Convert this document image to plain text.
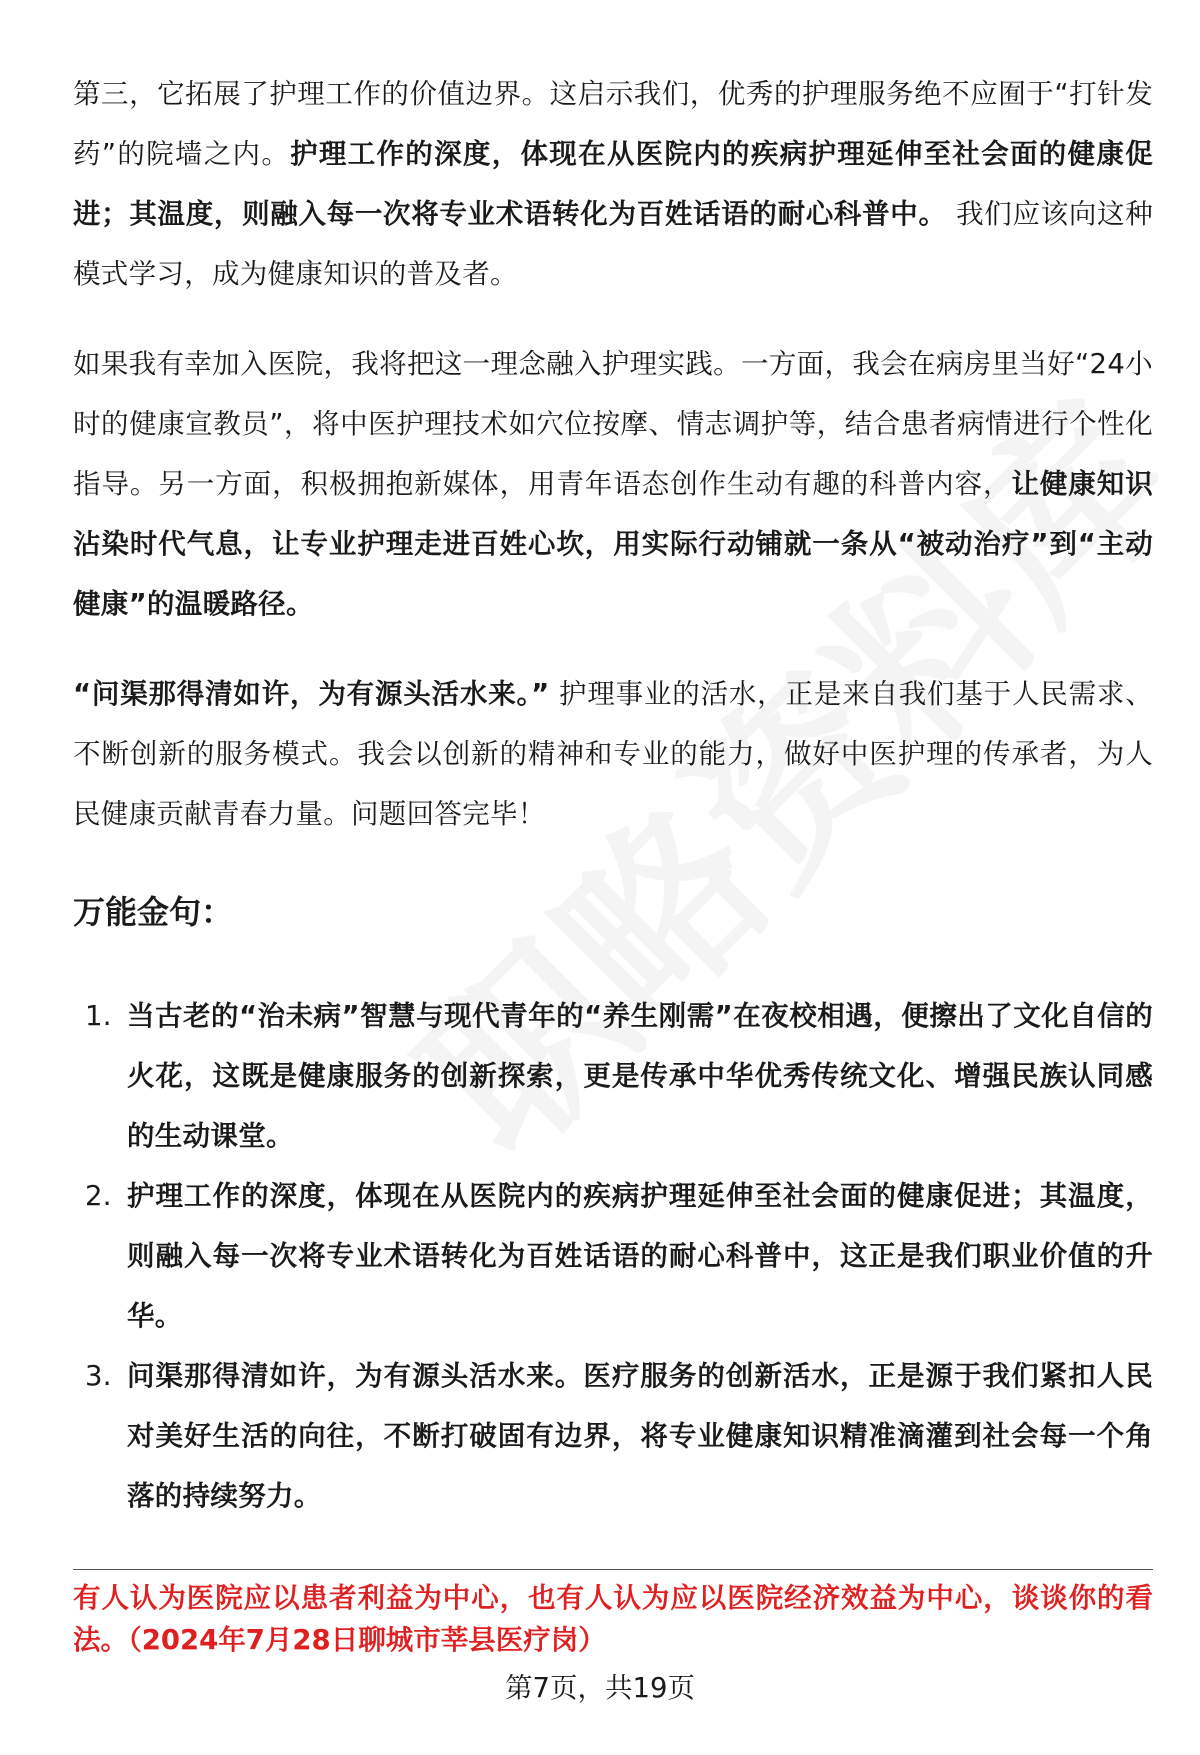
第三，它拓展了护理工作的价值边界。这启示我们，优秀的护理服务绝不应囿于“打针发药”的院墙之内。护理工作的深度，体现在从医院内的疾病护理延伸至社会面的健康促进；其温度，则融入每一次将专业术语转化为百姓话语的耐心科普中。 我们应该向这种模式学习，成为健康知识的普及者。

如果我有幸加入医院，我将把这一理念融入护理实践。一方面，我会在病房里当好“24小时的健康宣教员”，将中医护理技术如穴位按摩、情志调护等，结合患者病情进行个性化指导。另一方面，积极拥抱新媒体，用青年语态创作生动有趣的科普内容，让健康知识沾染时代气息，让专业护理走进百姓心坎，用实际行动铺就一条从“被动治疗”到“主动健康”的温暖路径。

“问渠那得清如许，为有源头活水来。” 护理事业的活水，正是来自我们基于人民需求、不断创新的服务模式。我会以创新的精神和专业的能力，做好中医护理的传承者，为人民健康贡献青春力量。问题回答完毕！

万能金句：
1. 当古老的“治未病”智慧与现代青年的“养生刚需”在夜校相遇，便擦出了文化自信的火花，这既是健康服务的创新探索，更是传承中华优秀传统文化、增强民族认同感的生动课堂。
2. 护理工作的深度，体现在从医院内的疾病护理延伸至社会面的健康促进；其温度，则融入每一次将专业术语转化为百姓话语的耐心科普中，这正是我们职业价值的升华。
3. 问渠那得清如许，为有源头活水来。医疗服务的创新活水，正是源于我们紧扣人民对美好生活的向往，不断打破固有边界，将专业健康知识精准滴灌到社会每一个角落的持续努力。

有人认为医院应以患者利益为中心，也有人认为应以医院经济效益为中心，谈谈你的看法。（2024年7月28日聊城市莘县医疗岗）

第7页，共19页
